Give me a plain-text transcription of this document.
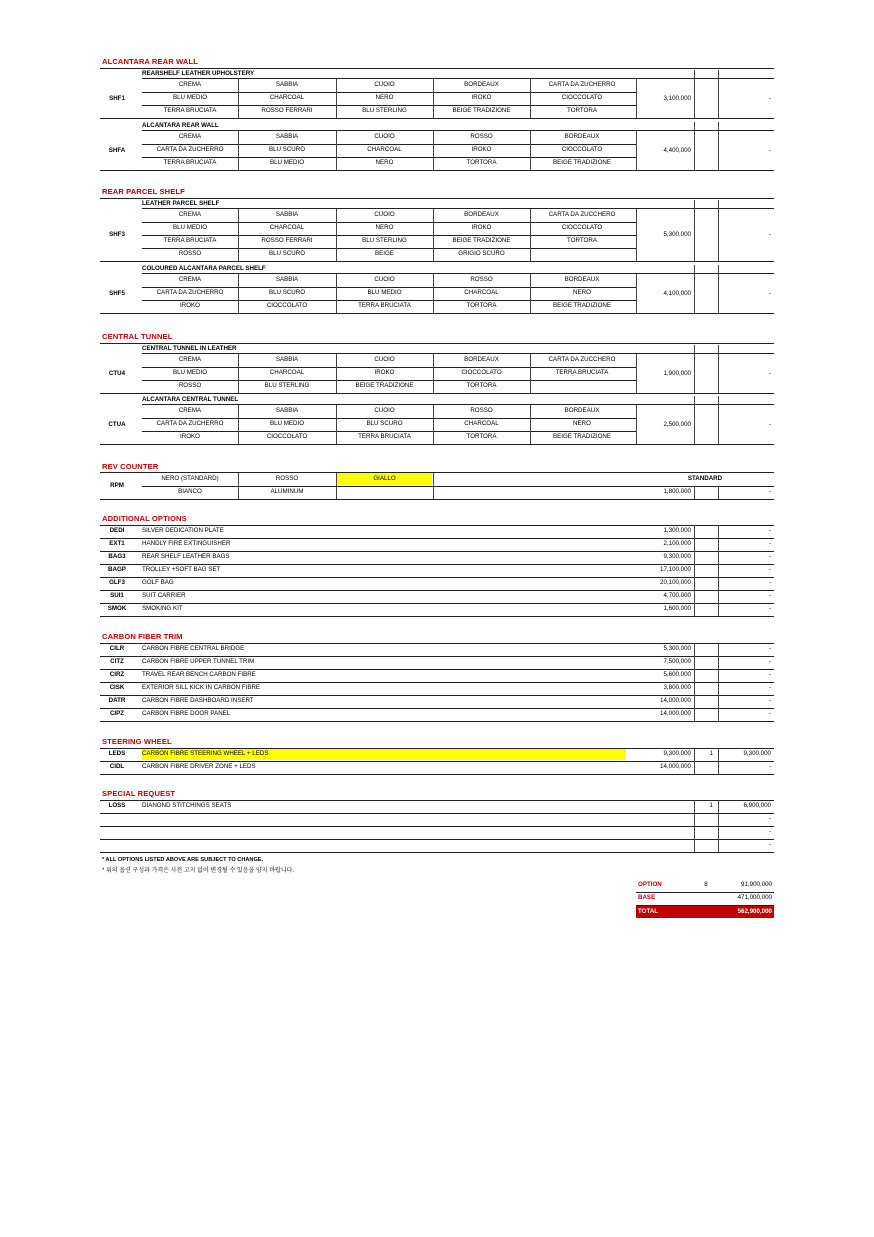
ALCANTARA REAR WALL
REARSHELF LEATHER UPHOLSTERY
SHF1
CREMA	SABBIA	CUOIO	BORDEAUX	CARTA DA ZUCHERRO
BLU MEDIO	CHARCOAL	NERO	IROKO	CIOCCOLATO
TERRA BRUCIATA	ROSSO FERRARI	BLU STERLING	BEIGE TRADIZIONE	TORTORA
3,100,000	-
ALCANTARA REAR WALL
SHFA
CREMA	SABBIA	CUOIO	ROSSO	BORDEAUX
CARTA DA ZUCHERRO	BLU SCURO	CHARCOAL	IROKO	CIOCCOLATO
TERRA BRUCIATA	BLU MEDIO	NERO	TORTORA	BEIGE TRADIZIONE
4,400,000	-
REAR PARCEL SHELF
LEATHER PARCEL SHELF
SHF3
CREMA	SABBIA	CUOIO	BORDEAUX	CARTA DA ZUCCHERO
BLU MEDIO	CHARCOAL	NERO	IROKO	CIOCCOLATO
TERRA BRUCIATA	ROSSO FERRARI	BLU STERLING	BEIGE TRADIZIONE	TORTORA
ROSSO	BLU SCURO	BEIGE	GRIGIO SCURO
5,300,000	-
COLOURED ALCANTARA PARCEL SHELF
SHF5
CREMA	SABBIA	CUOIO	ROSSO	BORDEAUX
CARTA DA ZUCHERRO	BLU SCURO	BLU MEDIO	CHARCOAL	NERO
IROKO	CIOCCOLATO	TERRA BRUCIATA	TORTORA	BEIGE TRADIZIONE
4,100,000	-
CENTRAL TUNNEL
CENTRAL TUNNEL IN LEATHER
CTU4
CREMA	SABBIA	CUOIO	BORDEAUX	CARTA DA ZUCCHERO
BLU MEDIO	CHARCOAL	IROKO	CIOCCOLATO	TERRA BRUCIATA
ROSSO	BLU STERLING	BEIGE TRADIZIONE	TORTORA
1,900,000	-
ALCANTARA CENTRAL TUNNEL
CTUA
CREMA	SABBIA	CUOIO	ROSSO	BORDEAUX
CARTA DA ZUCHERRO	BLU MEDIO	BLU SCURO	CHARCOAL	NERO
IROKO	CIOCCOLATO	TERRA BRUCIATA	TORTORA	BEIGE TRADIZIONE
2,500,000	-
REV COUNTER
RPM
NERO (STANDARD)	ROSSO	GIALLO
BIANCO	ALUMINUM
STANDARD
1,800,000	-
ADDITIONAL OPTIONS
DEDI	SILVER DEDICATION PLATE	1,300,000	-
EXT1	HANDLY FIRE EXTINGUISHER	2,100,000	-
BAG3	REAR SHELF LEATHER BAGS	9,300,000	-
BAGP	TROLLEY +SOFT BAG SET	17,100,000	-
GLF3	GOLF BAG	20,100,000	-
SUI1	SUIT CARRIER	4,700,000	-
SMOK	SMOKING KIT	1,600,000	-
CARBON FIBER TRIM
CILR	CARBON FIBRE CENTRAL BRIDGE	5,300,000	-
CITZ	CARBON FIBRE UPPER TUNNEL TRIM	7,500,000	-
CIRZ	TRAVEL REAR BENCH CARBON FIBRE	5,600,000	-
CISK	EXTERIOR SILL KICK IN CARBON FIBRE	3,800,000	-
DATR	CARBON FIBRE DASHBOARD INSERT	14,000,000	-
CIPZ	CARBON FIBRE DOOR PANEL	14,000,000	-
STEERING WHEEL
LEDS	CARBON FIBRE STEERING WHEEL + LEDS	9,300,000	1	9,300,000
CIDL	CARBON FIBRE DRIVER ZONE + LEDS	14,000,000	-
SPECIAL REQUEST
LOSS	DIANOND STITCHINGS SEATS	1	6,900,000
-
-
-
* ALL OPTIONS LISTED ABOVE ARE SUBJECT TO CHANGE.
* 위의 옵션 구성과 가격은 사전 고지 없이 변경될 수 있음을 양지 바랍니다.
OPTION	8	91,900,000
BASE	471,000,000
TOTAL	562,900,000
